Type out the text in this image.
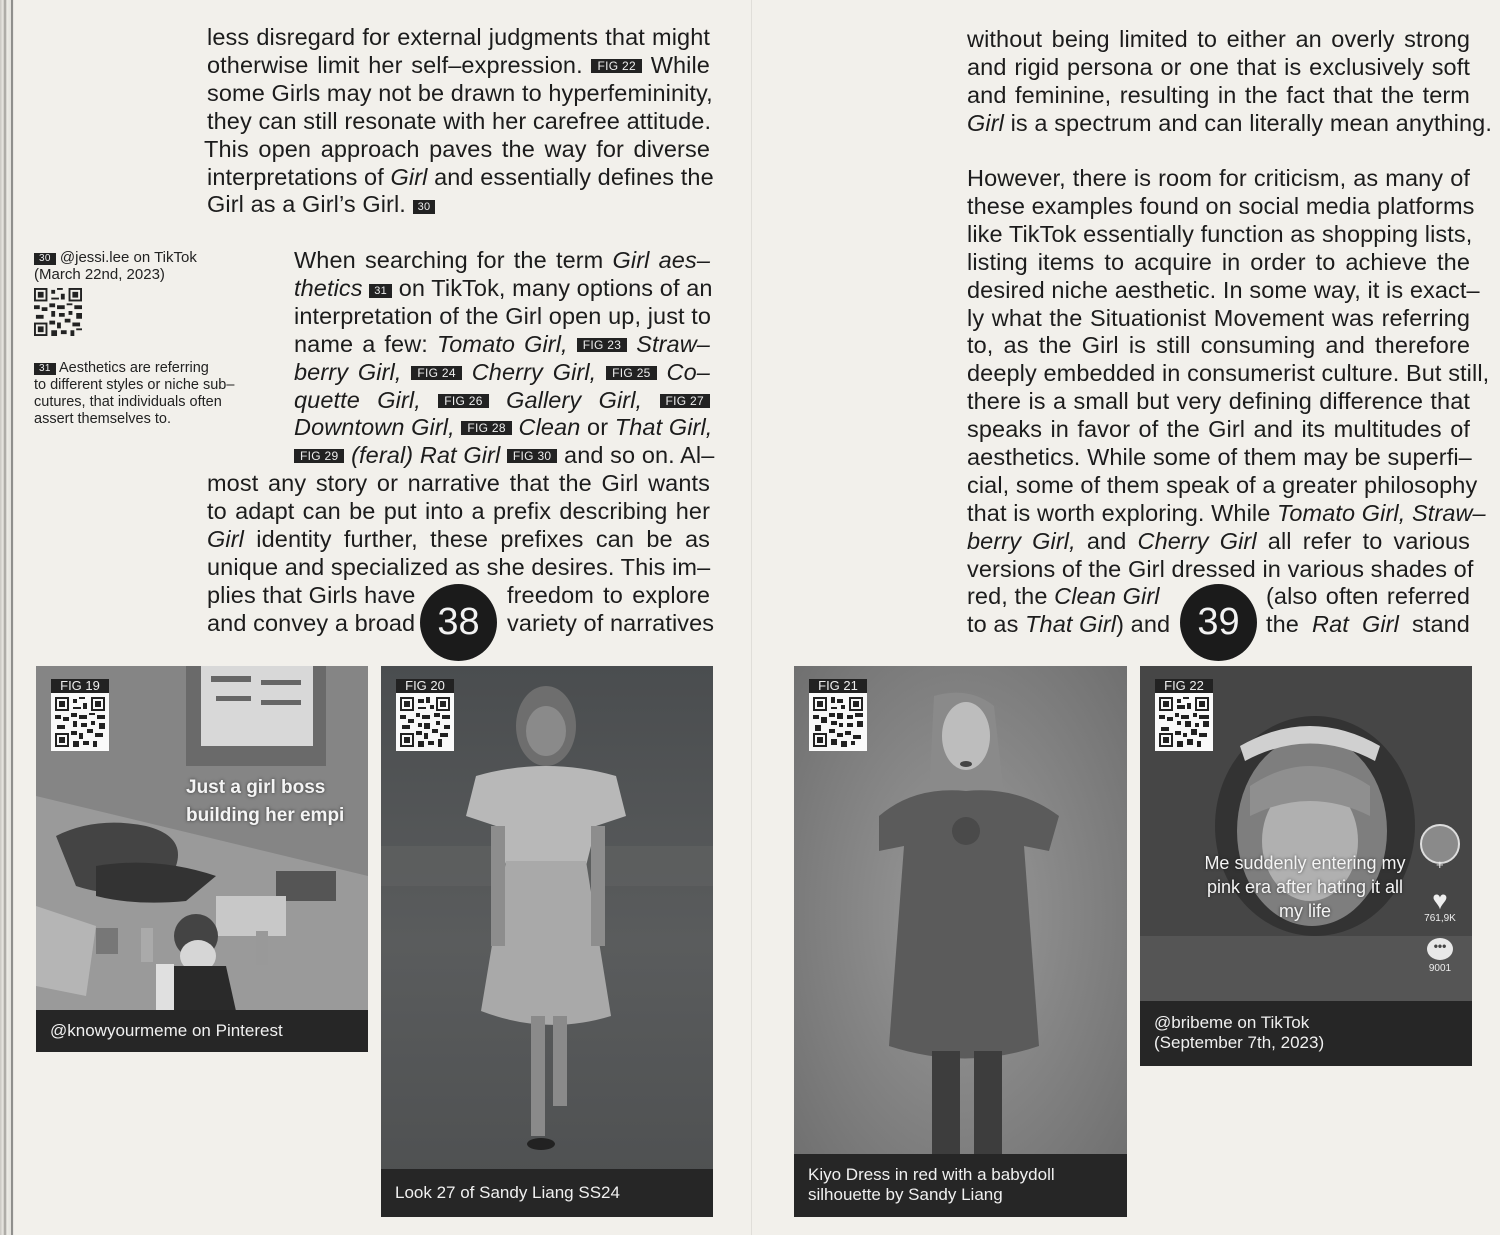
less disregard for external judgments that might
otherwise limit her self–expression. FIG 22 While
some Girls may not be drawn to hyperfemininity,
they can still resonate with her carefree attitude.
This open approach paves the way for diverse
interpretations of Girl and essentially defines the
Girl as a Girl’s Girl. 30
30 @jessi.lee on TikTok
(March 22nd, 2023)
31 Aesthetics are referring
to different styles or niche sub–
cutures, that individuals often
assert themselves to.
When searching for the term Girl aes–
thetics 31 on TikTok, many options of an
interpretation of the Girl open up, just to
name a few: Tomato Girl, FIG 23 Straw–
berry Girl, FIG 24 Cherry Girl, FIG 25 Co–
quette Girl, FIG 26 Gallery Girl, FIG 27
Downtown Girl, FIG 28 Clean or That Girl,
FIG 29 (feral) Rat Girl FIG 30 and so on. Al–
most any story or narrative that the Girl wants
to adapt can be put into a prefix describing her
Girl identity further, these prefixes can be as
unique and specialized as she desires. This im–
plies that Girls have
and convey a broad
freedom to explore
variety of narratives
38
Just a girl boss
building her empi
FIG 19
@knowyourmeme on Pinterest
FIG 20
Look 27 of Sandy Liang SS24
without being limited to either an overly strong
and rigid persona or one that is exclusively soft
and feminine, resulting in the fact that the term
Girl is a spectrum and can literally mean anything.
However, there is room for criticism, as many of
these examples found on social media platforms
like TikTok essentially function as shopping lists,
listing items to acquire in order to achieve the
desired niche aesthetic. In some way, it is exact–
ly what the Situationist Movement was referring
to, as the Girl is still consuming and therefore
deeply embedded in consumerist culture. But still,
there is a small but very defining difference that
speaks in favor of the Girl and its multitudes of
aesthetics. While some of them may be superfi–
cial, some of them speak of a greater philosophy
that is worth exploring. While Tomato Girl, Straw–
berry Girl, and Cherry Girl all refer to various
versions of the Girl dressed in various shades of
red, the Clean Girl
to as That Girl) and
(also often referred
the Rat Girl stand
39
FIG 21
Kiyo Dress in red with a babydoll
silhouette by Sandy Liang
Me suddenly entering my
pink era after hating it all
my life
+
♥
761,9K
•••
9001
FIG 22
@bribeme on TikTok
(September 7th, 2023)
